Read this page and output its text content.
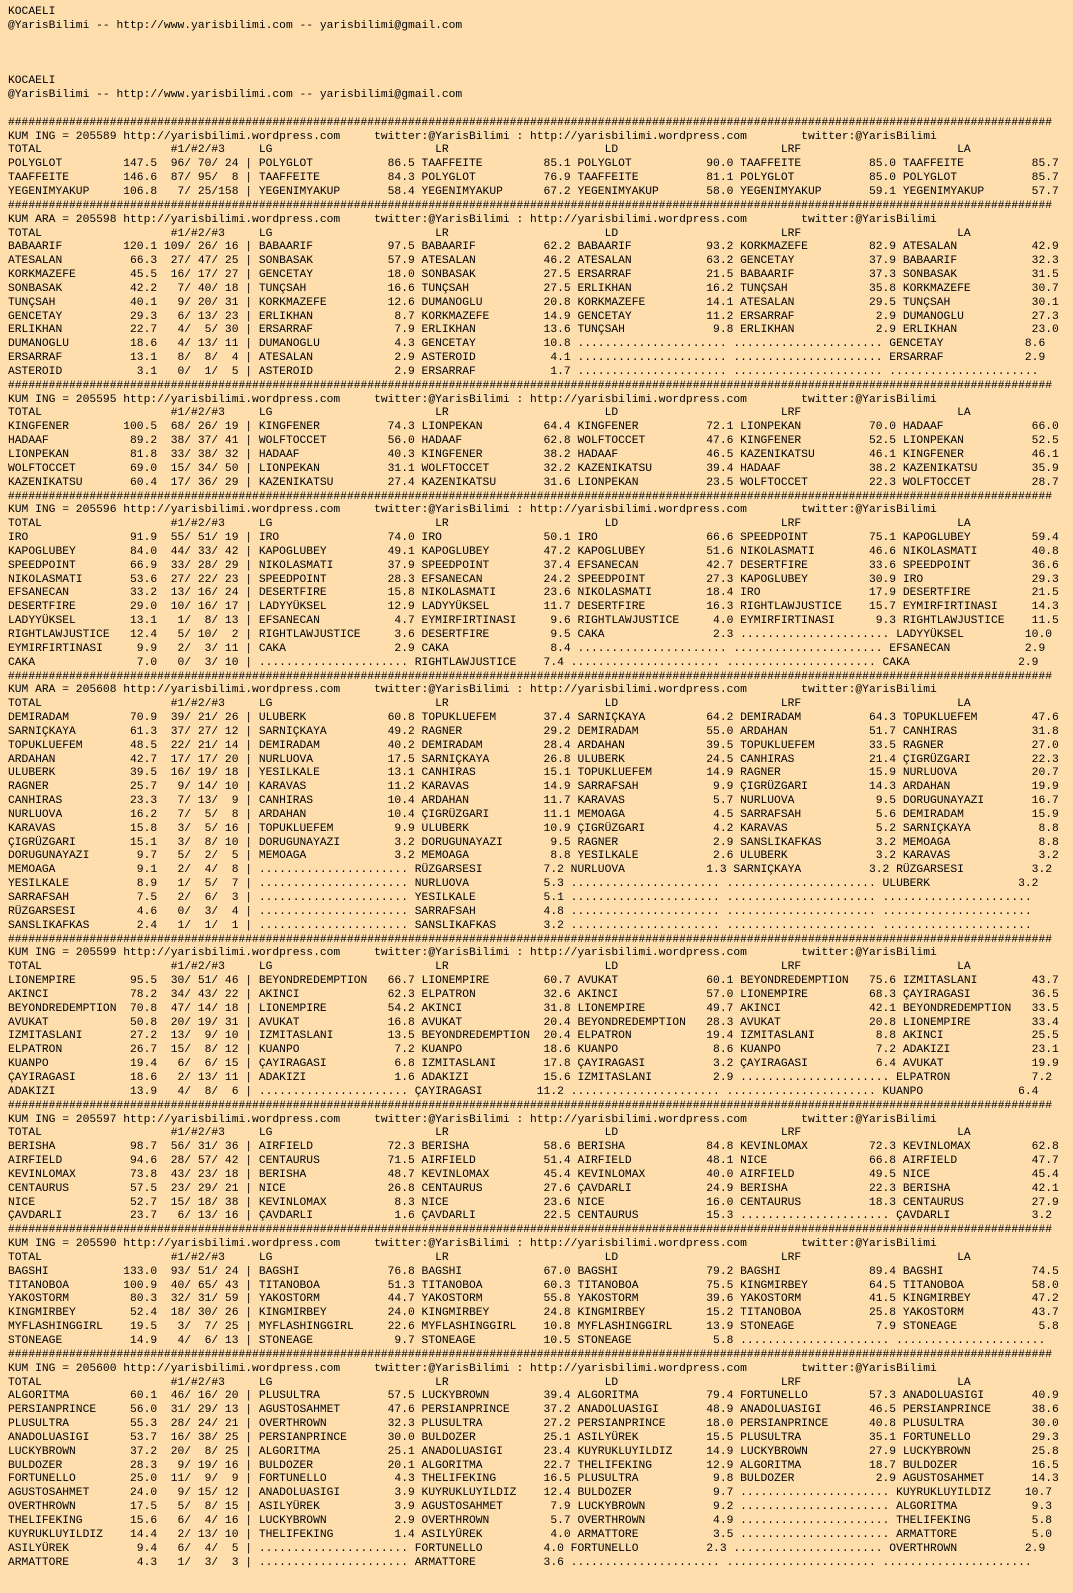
KOCAELI
@YarisBilimi -- http://www.yarisbilimi.com -- yarisbilimi@gmail.com

KOCAELI
@YarisBilimi -- http://www.yarisbilimi.com -- yarisbilimi@gmail.com

##########################################################################################################################################################
KUM ING = 205589 http://yarisbilimi.wordpress.com     twitter:@YarisBilimi : http://yarisbilimi.wordpress.com        twitter:@YarisBilimi
TOTAL                   #1/#2/#3     LG                        LR                       LD                        LRF                       LA
POLYGLOT         147.5  96/ 70/ 24 | POLYGLOT           86.5 TAAFFEITE         85.1 POLYGLOT           90.0 TAAFFEITE          85.0 TAAFFEITE          85.7
TAAFFEITE        146.6  87/ 95/  8 | TAAFFEITE          84.3 POLYGLOT          76.9 TAAFFEITE          81.1 POLYGLOT           85.0 POLYGLOT           85.7
YEGENIMYAKUP     106.8   7/ 25/158 | YEGENIMYAKUP       58.4 YEGENIMYAKUP      67.2 YEGENIMYAKUP       58.0 YEGENIMYAKUP       59.1 YEGENIMYAKUP       57.7
##########################################################################################################################################################
KUM ARA = 205598 http://yarisbilimi.wordpress.com     twitter:@YarisBilimi : http://yarisbilimi.wordpress.com        twitter:@YarisBilimi
TOTAL                   #1/#2/#3     LG                        LR                       LD                        LRF                       LA
BABAARIF         120.1 109/ 26/ 16 | BABAARIF           97.5 BABAARIF          62.2 BABAARIF           93.2 KORKMAZEFE         82.9 ATESALAN           42.9
ATESALAN          66.3  27/ 47/ 25 | SONBASAK           57.9 ATESALAN          46.2 ATESALAN           63.2 GENCETAY           37.9 BABAARIF           32.3
KORKMAZEFE        45.5  16/ 17/ 27 | GENCETAY           18.0 SONBASAK          27.5 ERSARRAF           21.5 BABAARIF           37.3 SONBASAK           31.5
SONBASAK          42.2   7/ 40/ 18 | TUNÇSAH            16.6 TUNÇSAH           27.5 ERLIKHAN           16.2 TUNÇSAH            35.8 KORKMAZEFE         30.7
TUNÇSAH           40.1   9/ 20/ 31 | KORKMAZEFE         12.6 DUMANOGLU         20.8 KORKMAZEFE         14.1 ATESALAN           29.5 TUNÇSAH            30.1
GENCETAY          29.3   6/ 13/ 23 | ERLIKHAN            8.7 KORKMAZEFE        14.9 GENCETAY           11.2 ERSARRAF            2.9 DUMANOGLU          27.3
ERLIKHAN          22.7   4/  5/ 30 | ERSARRAF            7.9 ERLIKHAN          13.6 TUNÇSAH             9.8 ERLIKHAN            2.9 ERLIKHAN           23.0
DUMANOGLU         18.6   4/ 13/ 11 | DUMANOGLU           4.3 GENCETAY          10.8 ...................... ...................... GENCETAY            8.6
ERSARRAF          13.1   8/  8/  4 | ATESALAN            2.9 ASTEROID           4.1 ...................... ...................... ERSARRAF            2.9
ASTEROID           3.1   0/  1/  5 | ASTEROID            2.9 ERSARRAF           1.7 ...................... ...................... ......................
##########################################################################################################################################################
KUM ING = 205595 http://yarisbilimi.wordpress.com     twitter:@YarisBilimi : http://yarisbilimi.wordpress.com        twitter:@YarisBilimi
TOTAL                   #1/#2/#3     LG                        LR                       LD                        LRF                       LA
KINGFENER        100.5  68/ 26/ 19 | KINGFENER          74.3 LIONPEKAN         64.4 KINGFENER          72.1 LIONPEKAN          70.0 HADAAF             66.0
HADAAF            89.2  38/ 37/ 41 | WOLFTOCCET         56.0 HADAAF            62.8 WOLFTOCCET         47.6 KINGFENER          52.5 LIONPEKAN          52.5
LIONPEKAN         81.8  33/ 38/ 32 | HADAAF             40.3 KINGFENER         38.2 HADAAF             46.5 KAZENIKATSU        46.1 KINGFENER          46.1
WOLFTOCCET        69.0  15/ 34/ 50 | LIONPEKAN          31.1 WOLFTOCCET        32.2 KAZENIKATSU        39.4 HADAAF             38.2 KAZENIKATSU        35.9
KAZENIKATSU       60.4  17/ 36/ 29 | KAZENIKATSU        27.4 KAZENIKATSU       31.6 LIONPEKAN          23.5 WOLFTOCCET         22.3 WOLFTOCCET         28.7
##########################################################################################################################################################
KUM ING = 205596 http://yarisbilimi.wordpress.com     twitter:@YarisBilimi : http://yarisbilimi.wordpress.com        twitter:@YarisBilimi
TOTAL                   #1/#2/#3     LG                        LR                       LD                        LRF                       LA
IRO               91.9  55/ 51/ 19 | IRO                74.0 IRO               50.1 IRO                66.6 SPEEDPOINT         75.1 KAPOGLUBEY         59.4
KAPOGLUBEY        84.0  44/ 33/ 42 | KAPOGLUBEY         49.1 KAPOGLUBEY        47.2 KAPOGLUBEY         51.6 NIKOLASMATI        46.6 NIKOLASMATI        40.8
SPEEDPOINT        66.9  33/ 28/ 29 | NIKOLASMATI        37.9 SPEEDPOINT        37.4 EFSANECAN          42.7 DESERTFIRE         33.6 SPEEDPOINT         36.6
NIKOLASMATI       53.6  27/ 22/ 23 | SPEEDPOINT         28.3 EFSANECAN         24.2 SPEEDPOINT         27.3 KAPOGLUBEY         30.9 IRO                29.3
EFSANECAN         33.2  13/ 16/ 24 | DESERTFIRE         15.8 NIKOLASMATI       23.6 NIKOLASMATI        18.4 IRO                17.9 DESERTFIRE         21.5
DESERTFIRE        29.0  10/ 16/ 17 | LADYYÜKSEL         12.9 LADYYÜKSEL        11.7 DESERTFIRE         16.3 RIGHTLAWJUSTICE    15.7 EYMIRFIRTINASI     14.3
LADYYÜKSEL        13.1   1/  8/ 13 | EFSANECAN           4.7 EYMIRFIRTINASI     9.6 RIGHTLAWJUSTICE     4.0 EYMIRFIRTINASI      9.3 RIGHTLAWJUSTICE    11.5
RIGHTLAWJUSTICE   12.4   5/ 10/  2 | RIGHTLAWJUSTICE     3.6 DESERTFIRE         9.5 CAKA                2.3 ...................... LADYYÜKSEL         10.0
EYMIRFIRTINASI     9.9   2/  3/ 11 | CAKA                2.9 CAKA               8.4 ...................... ...................... EFSANECAN           2.9
CAKA               7.0   0/  3/ 10 | ...................... RIGHTLAWJUSTICE    7.4 ...................... ...................... CAKA                2.9
##########################################################################################################################################################
KUM ARA = 205608 http://yarisbilimi.wordpress.com     twitter:@YarisBilimi : http://yarisbilimi.wordpress.com        twitter:@YarisBilimi
TOTAL                   #1/#2/#3     LG                        LR                       LD                        LRF                       LA
DEMIRADAM         70.9  39/ 21/ 26 | ULUBERK            60.8 TOPUKLUEFEM       37.4 SARNIÇKAYA         64.2 DEMIRADAM          64.3 TOPUKLUEFEM        47.6
SARNIÇKAYA        61.3  37/ 27/ 12 | SARNIÇKAYA         49.2 RAGNER            29.2 DEMIRADAM          55.0 ARDAHAN            51.7 CANHIRAS           31.8
TOPUKLUEFEM       48.5  22/ 21/ 14 | DEMIRADAM          40.2 DEMIRADAM         28.4 ARDAHAN            39.5 TOPUKLUEFEM        33.5 RAGNER             27.0
ARDAHAN           42.7  17/ 17/ 20 | NURLUOVA           17.5 SARNIÇKAYA        26.8 ULUBERK            24.5 CANHIRAS           21.4 ÇIGRÜZGARI         22.3
ULUBERK           39.5  16/ 19/ 18 | YESILKALE          13.1 CANHIRAS          15.1 TOPUKLUEFEM        14.9 RAGNER             15.9 NURLUOVA           20.7
RAGNER            25.7   9/ 14/ 10 | KARAVAS            11.2 KARAVAS           14.9 SARRAFSAH           9.9 ÇIGRÜZGARI         14.3 ARDAHAN            19.9
CANHIRAS          23.3   7/ 13/  9 | CANHIRAS           10.4 ARDAHAN           11.7 KARAVAS             5.7 NURLUOVA            9.5 DORUGUNAYAZI       16.7
NURLUOVA          16.2   7/  5/  8 | ARDAHAN            10.4 ÇIGRÜZGARI        11.1 MEMOAGA             4.5 SARRAFSAH           5.6 DEMIRADAM          15.9
KARAVAS           15.8   3/  5/ 16 | TOPUKLUEFEM         9.9 ULUBERK           10.9 ÇIGRÜZGARI          4.2 KARAVAS             5.2 SARNIÇKAYA          8.8
ÇIGRÜZGARI        15.1   3/  8/ 10 | DORUGUNAYAZI        3.2 DORUGUNAYAZI       9.5 RAGNER              2.9 SANSLIKAFKAS        3.2 MEMOAGA             8.8
DORUGUNAYAZI       9.7   5/  2/  5 | MEMOAGA             3.2 MEMOAGA            8.8 YESILKALE           2.6 ULUBERK             3.2 KARAVAS             3.2
MEMOAGA            9.1   2/  4/  8 | ...................... RÜZGARSESI         7.2 NURLUOVA            1.3 SARNIÇKAYA          3.2 RÜZGARSESI          3.2
YESILKALE          8.9   1/  5/  7 | ...................... NURLUOVA           5.3 ...................... ...................... ULUBERK             3.2
SARRAFSAH          7.5   2/  6/  3 | ...................... YESILKALE          5.1 ...................... ...................... ......................
RÜZGARSESI         4.6   0/  3/  4 | ...................... SARRAFSAH          4.8 ...................... ...................... ......................
SANSLIKAFKAS       2.4   1/  1/  1 | ...................... SANSLIKAFKAS       3.2 ...................... ...................... ......................
##########################################################################################################################################################
KUM ING = 205599 http://yarisbilimi.wordpress.com     twitter:@YarisBilimi : http://yarisbilimi.wordpress.com        twitter:@YarisBilimi
TOTAL                   #1/#2/#3     LG                        LR                       LD                        LRF                       LA
LIONEMPIRE        95.5  30/ 51/ 46 | BEYONDREDEMPTION   66.7 LIONEMPIRE        60.7 AVUKAT             60.1 BEYONDREDEMPTION   75.6 IZMITASLANI        43.7
AKINCI            78.2  34/ 43/ 22 | AKINCI             62.3 ELPATRON          32.6 AKINCI             57.0 LIONEMPIRE         68.3 ÇAYIRAGASI         36.5
BEYONDREDEMPTION  70.8  47/ 14/ 18 | LIONEMPIRE         54.2 AKINCI            31.8 LIONEMPIRE         49.7 AKINCI             42.1 BEYONDREDEMPTION   33.5
AVUKAT            50.8  20/ 19/ 31 | AVUKAT             16.8 AVUKAT            20.4 BEYONDREDEMPTION   28.3 AVUKAT             20.8 LIONEMPIRE         33.4
IZMITASLANI       27.2  13/  9/ 10 | IZMITASLANI        13.5 BEYONDREDEMPTION  20.4 ELPATRON           19.4 IZMITASLANI         8.8 AKINCI             25.5
ELPATRON          26.7  15/  8/ 12 | KUANPO              7.2 KUANPO            18.6 KUANPO              8.6 KUANPO              7.2 ADAKIZI            23.1
KUANPO            19.4   6/  6/ 15 | ÇAYIRAGASI          6.8 IZMITASLANI       17.8 ÇAYIRAGASI          3.2 ÇAYIRAGASI          6.4 AVUKAT             19.9
ÇAYIRAGASI        18.6   2/ 13/ 11 | ADAKIZI             1.6 ADAKIZI           15.6 IZMITASLANI         2.9 ...................... ELPATRON            7.2
ADAKIZI           13.9   4/  8/  6 | ...................... ÇAYIRAGASI        11.2 ...................... ...................... KUANPO              6.4
##########################################################################################################################################################
KUM ING = 205597 http://yarisbilimi.wordpress.com     twitter:@YarisBilimi : http://yarisbilimi.wordpress.com        twitter:@YarisBilimi
TOTAL                   #1/#2/#3     LG                        LR                       LD                        LRF                       LA
BERISHA           98.7  56/ 31/ 36 | AIRFIELD           72.3 BERISHA           58.6 BERISHA            84.8 KEVINLOMAX         72.3 KEVINLOMAX         62.8
AIRFIELD          94.6  28/ 57/ 42 | CENTAURUS          71.5 AIRFIELD          51.4 AIRFIELD           48.1 NICE               66.8 AIRFIELD           47.7
KEVINLOMAX        73.8  43/ 23/ 18 | BERISHA            48.7 KEVINLOMAX        45.4 KEVINLOMAX         40.0 AIRFIELD           49.5 NICE               45.4
CENTAURUS         57.5  23/ 29/ 21 | NICE               26.8 CENTAURUS         27.6 ÇAVDARLI           24.9 BERISHA            22.3 BERISHA            42.1
NICE              52.7  15/ 18/ 38 | KEVINLOMAX          8.3 NICE              23.6 NICE               16.0 CENTAURUS          18.3 CENTAURUS          27.9
ÇAVDARLI          23.7   6/ 13/ 16 | ÇAVDARLI            1.6 ÇAVDARLI          22.5 CENTAURUS          15.3 ...................... ÇAVDARLI            3.2
##########################################################################################################################################################
KUM ING = 205590 http://yarisbilimi.wordpress.com     twitter:@YarisBilimi : http://yarisbilimi.wordpress.com        twitter:@YarisBilimi
TOTAL                   #1/#2/#3     LG                        LR                       LD                        LRF                       LA
BAGSHI           133.0  93/ 51/ 24 | BAGSHI             76.8 BAGSHI            67.0 BAGSHI             79.2 BAGSHI             89.4 BAGSHI             74.5
TITANOBOA        100.9  40/ 65/ 43 | TITANOBOA          51.3 TITANOBOA         60.3 TITANOBOA          75.5 KINGMIRBEY         64.5 TITANOBOA          58.0
YAKOSTORM         80.3  32/ 31/ 59 | YAKOSTORM          44.7 YAKOSTORM         55.8 YAKOSTORM          39.6 YAKOSTORM          41.5 KINGMIRBEY         47.2
KINGMIRBEY        52.4  18/ 30/ 26 | KINGMIRBEY         24.0 KINGMIRBEY        24.8 KINGMIRBEY         15.2 TITANOBOA          25.8 YAKOSTORM          43.7
MYFLASHINGGIRL    19.5   3/  7/ 25 | MYFLASHINGGIRL     22.6 MYFLASHINGGIRL    10.8 MYFLASHINGGIRL     13.9 STONEAGE            7.9 STONEAGE            5.8
STONEAGE          14.9   4/  6/ 13 | STONEAGE            9.7 STONEAGE          10.5 STONEAGE            5.8 ...................... ......................
##########################################################################################################################################################
KUM ING = 205600 http://yarisbilimi.wordpress.com     twitter:@YarisBilimi : http://yarisbilimi.wordpress.com        twitter:@YarisBilimi
TOTAL                   #1/#2/#3     LG                        LR                       LD                        LRF                       LA
ALGORITMA         60.1  46/ 16/ 20 | PLUSULTRA          57.5 LUCKYBROWN        39.4 ALGORITMA          79.4 FORTUNELLO         57.3 ANADOLUASIGI       40.9
PERSIANPRINCE     56.0  31/ 29/ 13 | AGUSTOSAHMET       47.6 PERSIANPRINCE     37.2 ANADOLUASIGI       48.9 ANADOLUASIGI       46.5 PERSIANPRINCE      38.6
PLUSULTRA         55.3  28/ 24/ 21 | OVERTHROWN         32.3 PLUSULTRA         27.2 PERSIANPRINCE      18.0 PERSIANPRINCE      40.8 PLUSULTRA          30.0
ANADOLUASIGI      53.7  16/ 38/ 25 | PERSIANPRINCE      30.0 BULDOZER          25.1 ASILYÜREK          15.5 PLUSULTRA          35.1 FORTUNELLO         29.3
LUCKYBROWN        37.2  20/  8/ 25 | ALGORITMA          25.1 ANADOLUASIGI      23.4 KUYRUKLUYILDIZ     14.9 LUCKYBROWN         27.9 LUCKYBROWN         25.8
BULDOZER          28.3   9/ 19/ 16 | BULDOZER           20.1 ALGORITMA         22.7 THELIFEKING        12.9 ALGORITMA          18.7 BULDOZER           16.5
FORTUNELLO        25.0  11/  9/  9 | FORTUNELLO          4.3 THELIFEKING       16.5 PLUSULTRA           9.8 BULDOZER            2.9 AGUSTOSAHMET       14.3
AGUSTOSAHMET      24.0   9/ 15/ 12 | ANADOLUASIGI        3.9 KUYRUKLUYILDIZ    12.4 BULDOZER            9.7 ...................... KUYRUKLUYILDIZ     10.7
OVERTHROWN        17.5   5/  8/ 15 | ASILYÜREK           3.9 AGUSTOSAHMET       7.9 LUCKYBROWN          9.2 ...................... ALGORITMA           9.3
THELIFEKING       15.6   6/  4/ 16 | LUCKYBROWN          2.9 OVERTHROWN         5.7 OVERTHROWN          4.9 ...................... THELIFEKING         5.8
KUYRUKLUYILDIZ    14.4   2/ 13/ 10 | THELIFEKING         1.4 ASILYÜREK          4.0 ARMATTORE           3.5 ...................... ARMATTORE           5.0
ASILYÜREK          9.4   6/  4/  5 | ...................... FORTUNELLO         4.0 FORTUNELLO          2.3 ...................... OVERTHROWN          2.9
ARMATTORE          4.3   1/  3/  3 | ...................... ARMATTORE          3.6 ...................... ...................... ......................
